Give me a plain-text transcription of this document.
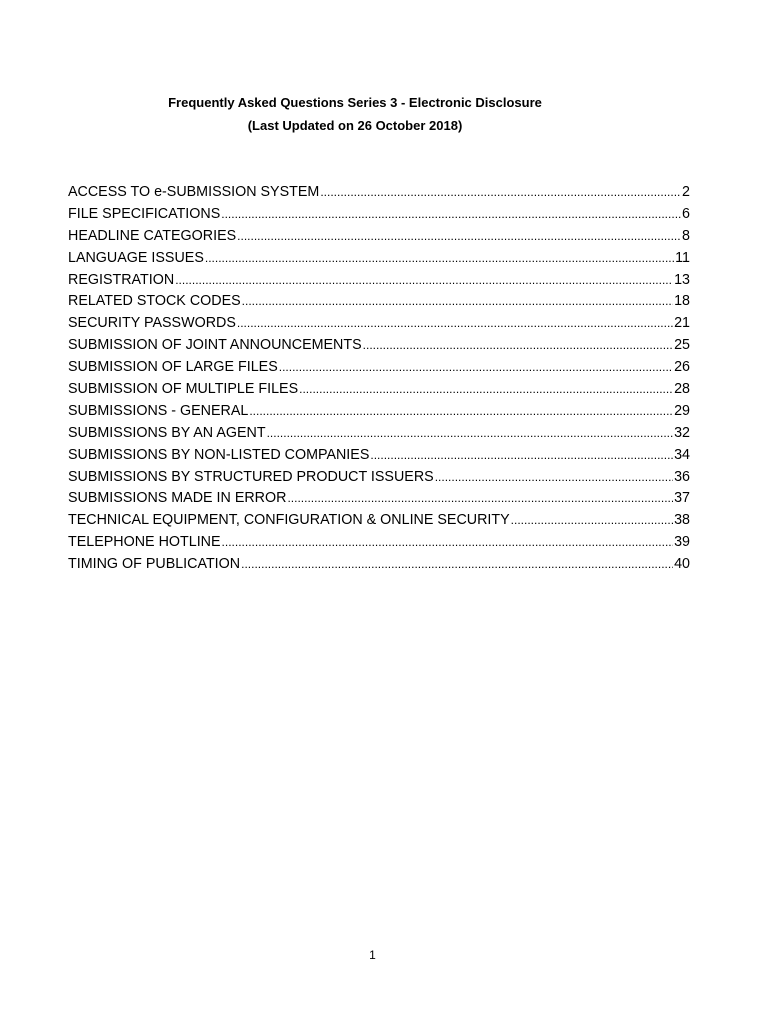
Frequently Asked Questions Series 3 - Electronic Disclosure
(Last Updated on 26 October 2018)
ACCESS TO e-SUBMISSION SYSTEM .....	2
FILE SPECIFICATIONS .....	6
HEADLINE CATEGORIES .....	8
LANGUAGE ISSUES .....	11
REGISTRATION .....	13
RELATED STOCK CODES .....	18
SECURITY PASSWORDS .....	21
SUBMISSION OF JOINT ANNOUNCEMENTS .....	25
SUBMISSION OF LARGE FILES .....	26
SUBMISSION OF MULTIPLE FILES .....	28
SUBMISSIONS - GENERAL .....	29
SUBMISSIONS BY AN AGENT .....	32
SUBMISSIONS BY NON-LISTED COMPANIES .....	34
SUBMISSIONS BY STRUCTURED PRODUCT ISSUERS .....	36
SUBMISSIONS MADE IN ERROR .....	37
TECHNICAL EQUIPMENT, CONFIGURATION & ONLINE SECURITY .....	38
TELEPHONE HOTLINE .....	39
TIMING OF PUBLICATION .....	40
1
